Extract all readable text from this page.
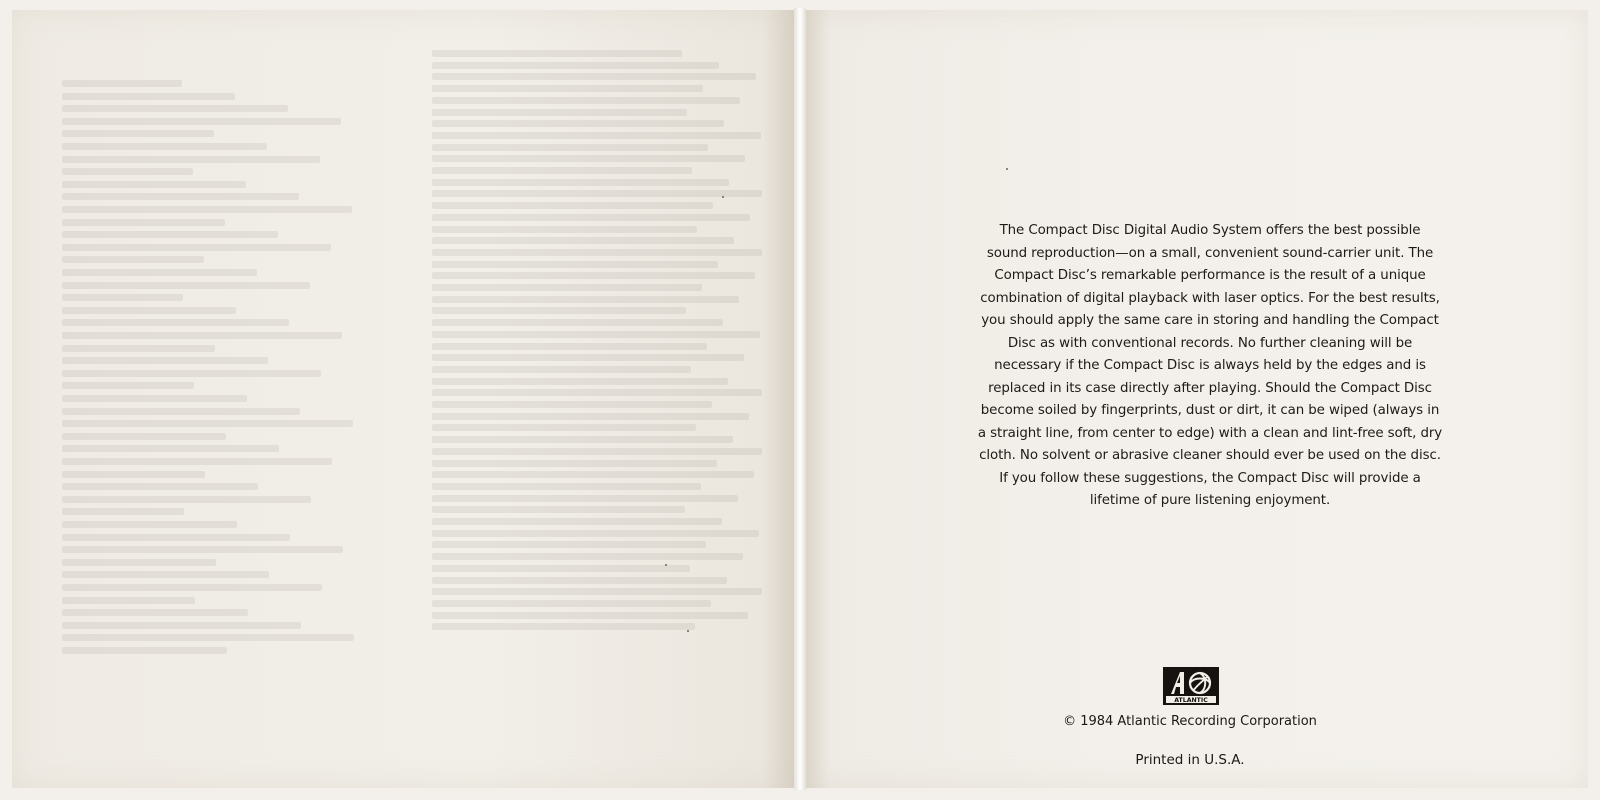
The Compact Disc Digital Audio System offers the best possible
sound reproduction—on a small, convenient sound-carrier unit. The
Compact Disc’s remarkable performance is the result of a unique
combination of digital playback with laser optics. For the best results,
you should apply the same care in storing and handling the Compact
Disc as with conventional records. No further cleaning will be
necessary if the Compact Disc is always held by the edges and is
replaced in its case directly after playing. Should the Compact Disc
become soiled by fingerprints, dust or dirt, it can be wiped (always in
a straight line, from center to edge) with a clean and lint-free soft, dry
cloth. No solvent or abrasive cleaner should ever be used on the disc.
If you follow these suggestions, the Compact Disc will provide a
lifetime of pure listening enjoyment.
ATLANTIC
© 1984 Atlantic Recording Corporation
Printed in U.S.A.
